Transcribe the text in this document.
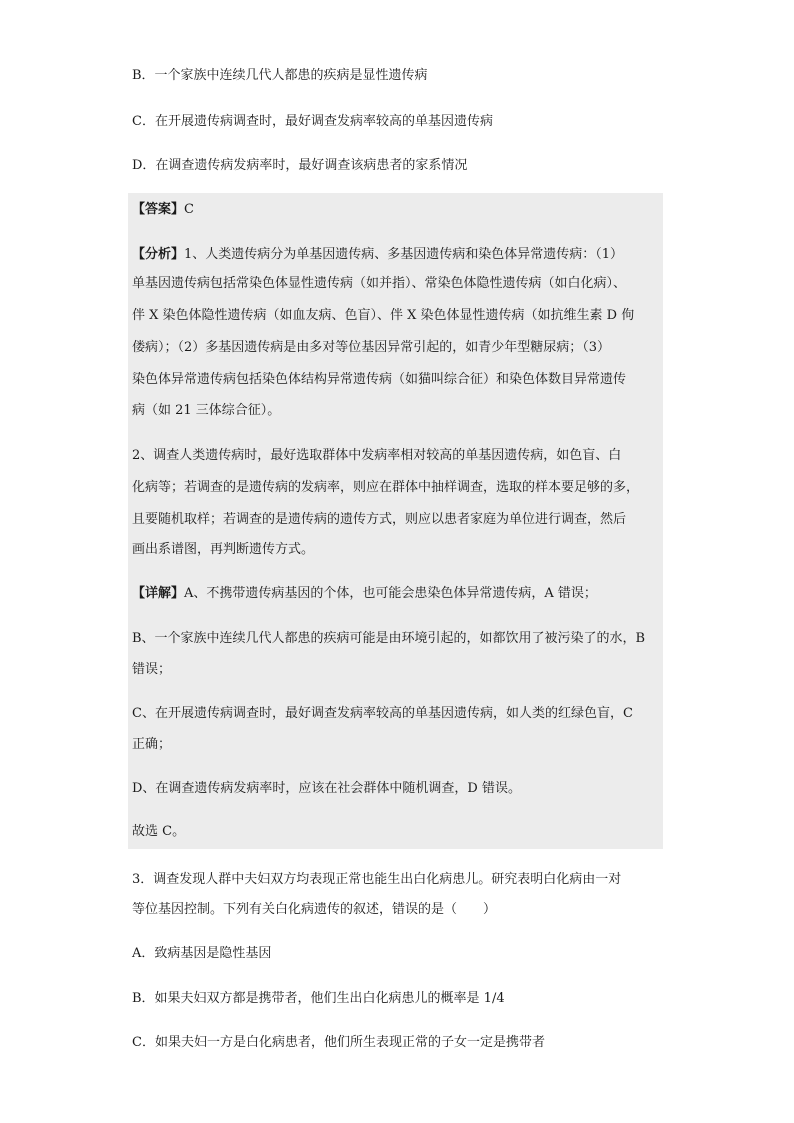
B．一个家族中连续几代人都患的疾病是显性遗传病
C．在开展遗传病调查时，最好调查发病率较高的单基因遗传病
D．在调查遗传病发病率时，最好调查该病患者的家系情况
【答案】C
【分析】1、人类遗传病分为单基因遗传病、多基因遗传病和染色体异常遗传病：（1）
单基因遗传病包括常染色体显性遗传病（如并指）、常染色体隐性遗传病（如白化病）、
伴 X 染色体隐性遗传病（如血友病、色盲）、伴 X 染色体显性遗传病（如抗维生素 D 佝
偻病）；（2）多基因遗传病是由多对等位基因异常引起的，如青少年型糖尿病；（3）
染色体异常遗传病包括染色体结构异常遗传病（如猫叫综合征）和染色体数目异常遗传
病（如 21 三体综合征）。
2、调查人类遗传病时，最好选取群体中发病率相对较高的单基因遗传病，如色盲、白
化病等；若调查的是遗传病的发病率，则应在群体中抽样调查，选取的样本要足够的多，
且要随机取样；若调查的是遗传病的遗传方式，则应以患者家庭为单位进行调查，然后
画出系谱图，再判断遗传方式。
【详解】A、不携带遗传病基因的个体，也可能会患染色体异常遗传病，A 错误；
B、一个家族中连续几代人都患的疾病可能是由环境引起的，如都饮用了被污染了的水，B
错误；
C、在开展遗传病调查时，最好调查发病率较高的单基因遗传病，如人类的红绿色盲，C
正确；
D、在调查遗传病发病率时，应该在社会群体中随机调查，D 错误。
故选 C。
3．调查发现人群中夫妇双方均表现正常也能生出白化病患儿。研究表明白化病由一对
等位基因控制。下列有关白化病遗传的叙述，错误的是（　　）
A．致病基因是隐性基因
B．如果夫妇双方都是携带者，他们生出白化病患儿的概率是 1/4
C．如果夫妇一方是白化病患者，他们所生表现正常的子女一定是携带者
